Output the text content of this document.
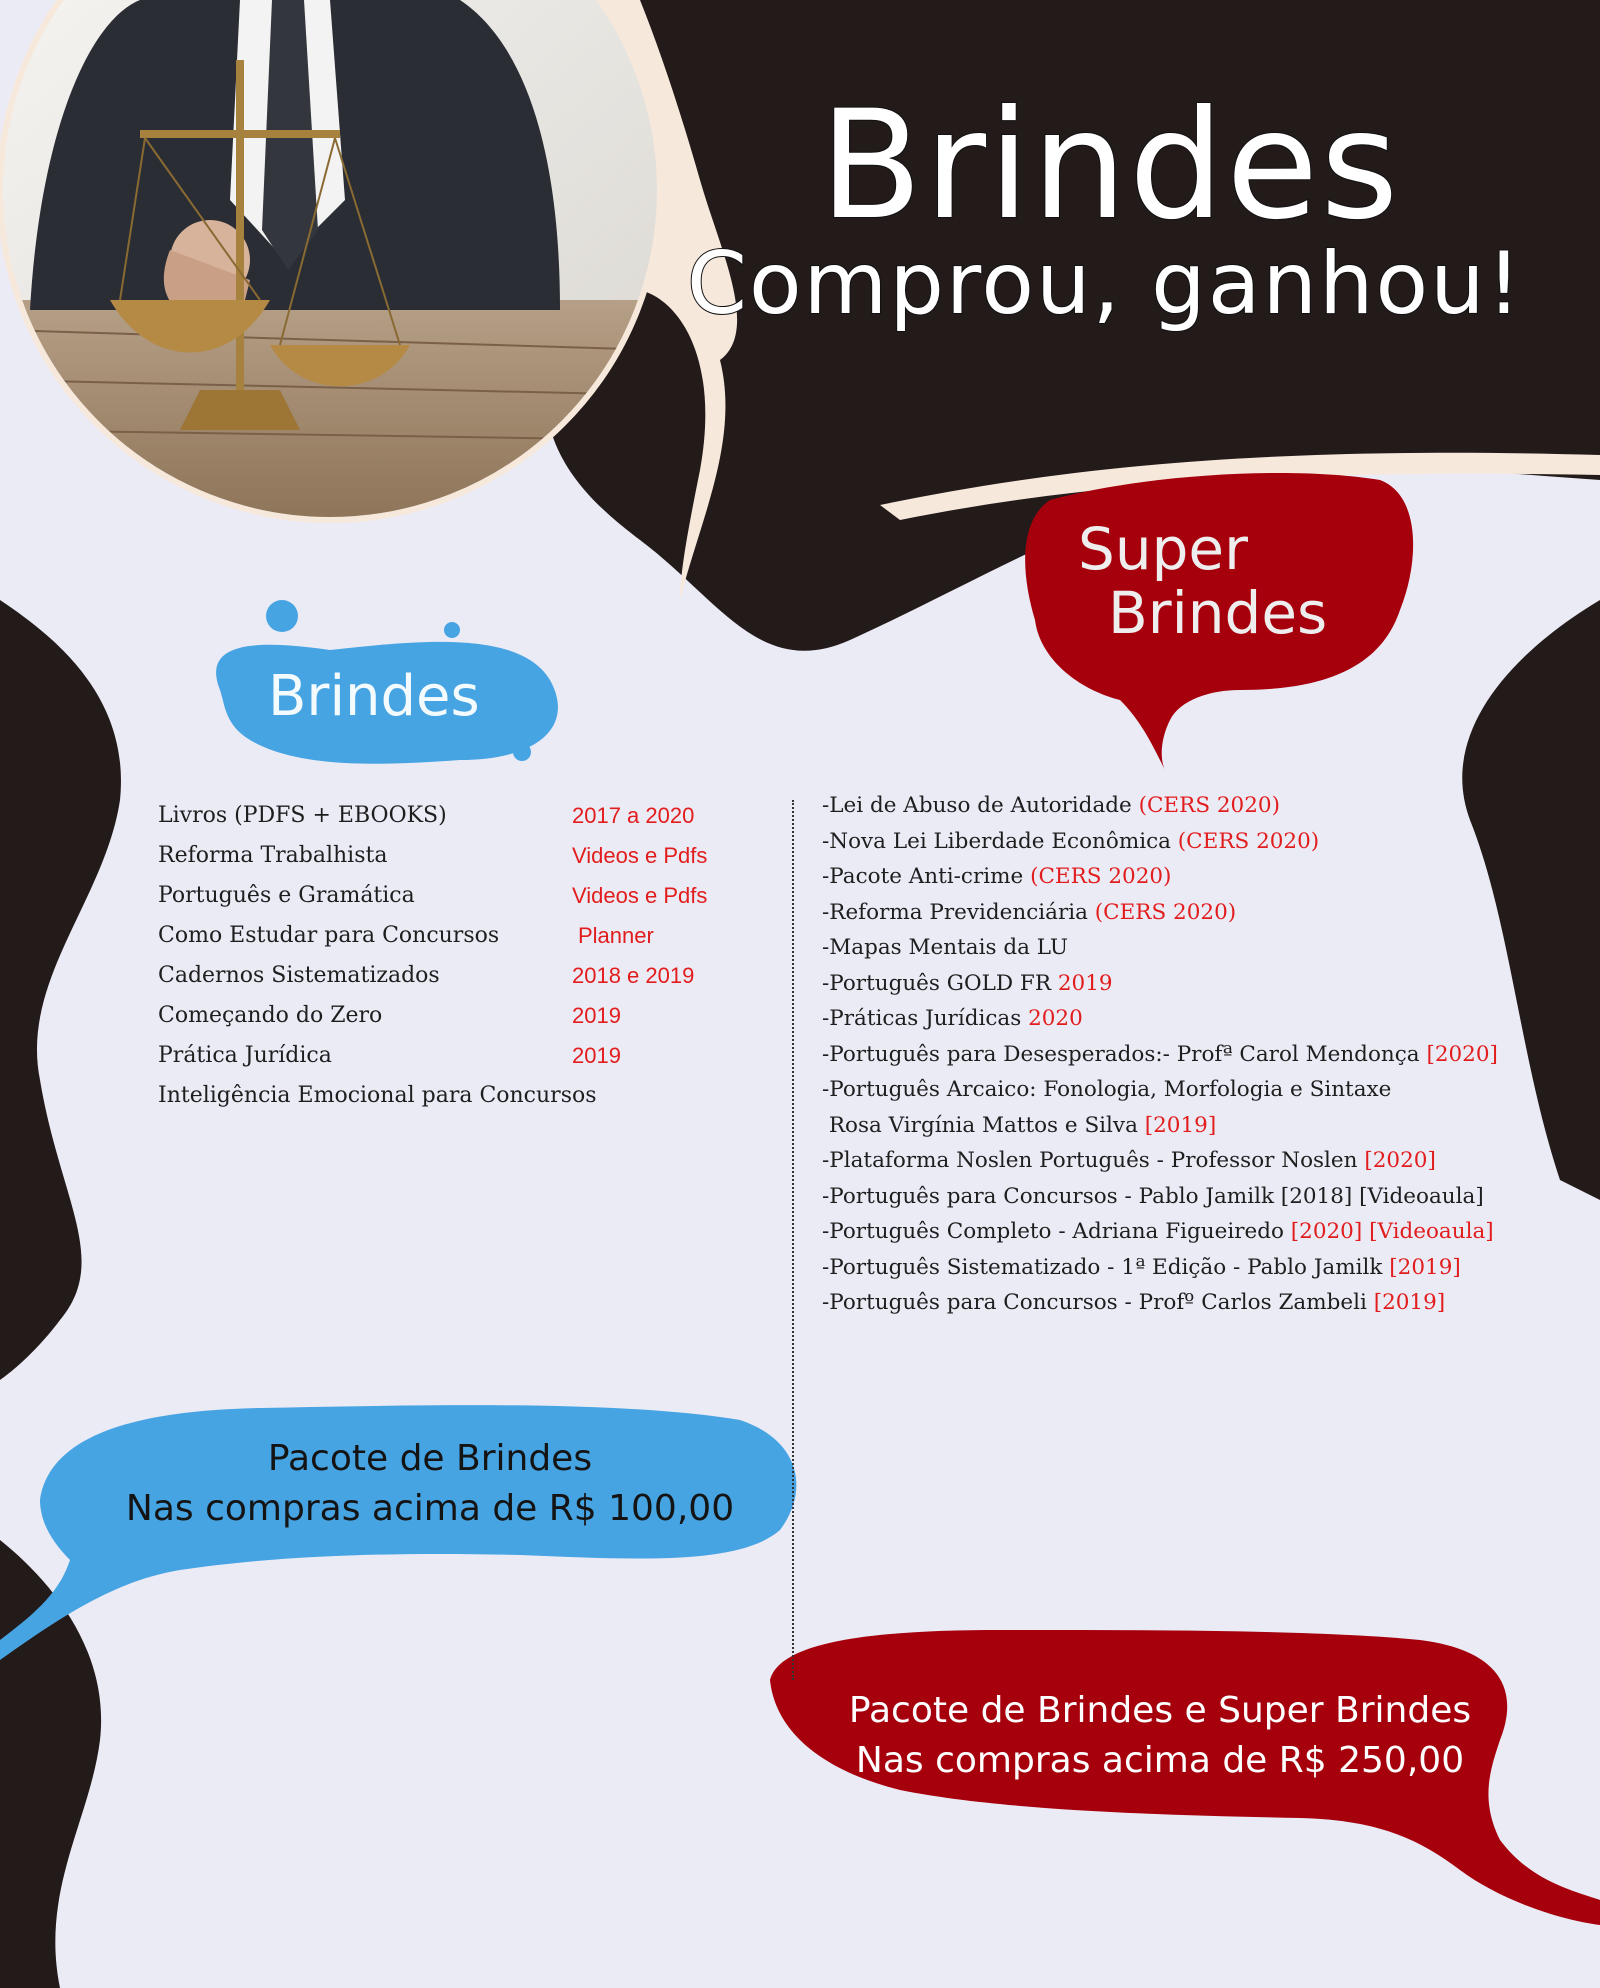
Brindes
Comprou, ganhou!
Brindes
Super
Brindes
Livros (PDFS + EBOOKS)	2017 a 2020
Reforma Trabalhista	Videos e Pdfs
Português e Gramática	Videos e Pdfs
Como Estudar para Concursos	Planner
Cadernos Sistematizados	2018 e 2019
Começando do Zero	2019
Prática Jurídica	2019
Inteligência Emocional para Concursos
-Lei de Abuso de Autoridade (CERS 2020)
-Nova Lei Liberdade Econômica (CERS 2020)
-Pacote Anti-crime (CERS 2020)
-Reforma Previdenciária (CERS 2020)
-Mapas Mentais da LU
-Português GOLD FR 2019
-Práticas Jurídicas 2020
-Português para Desesperados:- Profª Carol Mendonça [2020]
-Português Arcaico: Fonologia, Morfologia e Sintaxe
Rosa Virgínia Mattos e Silva [2019]
-Plataforma Noslen Português - Professor Noslen [2020]
-Português para Concursos - Pablo Jamilk [2018] [Videoaula]
-Português Completo - Adriana Figueiredo [2020] [Videoaula]
-Português Sistematizado - 1ª Edição - Pablo Jamilk [2019]
-Português para Concursos - Profº Carlos Zambeli [2019]
Pacote de Brindes
Nas compras acima de R$ 100,00
Pacote de Brindes e Super Brindes
Nas compras acima de R$ 250,00
